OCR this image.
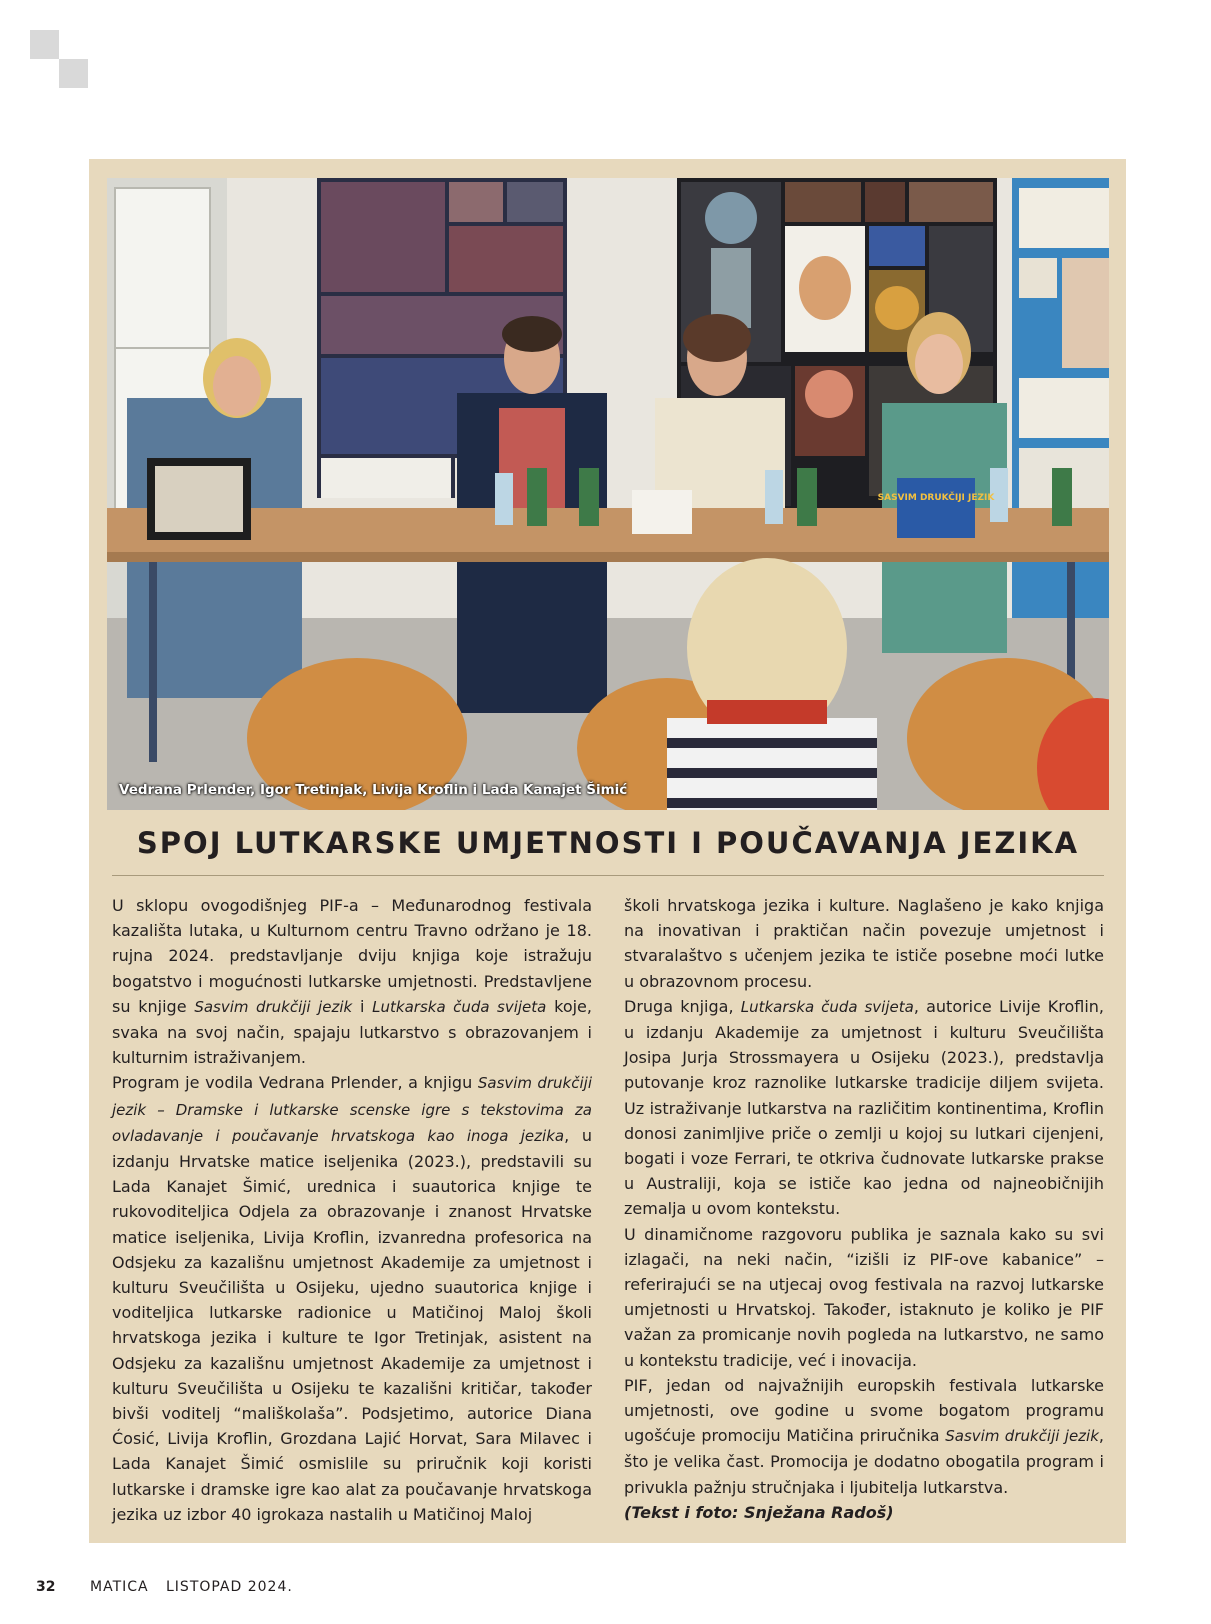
SASVIM DRUKČIJI JEZIK
Vedrana Prlender, Igor Tretinjak, Livija Kroflin i Lada Kanajet Šimić
SPOJ LUTKARSKE UMJETNOSTI I POUČAVANJA JEZIKA

U sklopu ovogodišnjeg PIF-a – Međunarodnog festivala kazališta lutaka, u Kulturnom centru Travno održano je 18. rujna 2024. predstavljanje dviju knjiga koje istražuju bogatstvo i mogućnosti lutkarske umjetnosti. Predstavljene su knjige Sasvim drukčiji jezik i Lutkarska čuda svijeta koje, svaka na svoj način, spajaju lutkarstvo s obrazovanjem i kulturnim istraživanjem.

Program je vodila Vedrana Prlender, a knjigu Sasvim drukčiji jezik – Dramske i lutkarske scenske igre s tekstovima za ovladavanje i poučavanje hrvatskoga kao inoga jezika, u izdanju Hrvatske matice iseljenika (2023.), predstavili su Lada Kanajet Šimić, urednica i suautorica knjige te rukovoditeljica Odjela za obrazovanje i znanost Hrvatske matice iseljenika, Livija Kroflin, izvanredna profesorica na Odsjeku za kazališnu umjetnost Akademije za umjetnost i kulturu Sveučilišta u Osijeku, ujedno suautorica knjige i voditeljica lutkarske radionice u Matičinoj Maloj školi hrvatskoga jezika i kulture te Igor Tretinjak, asistent na Odsjeku za kazališnu umjetnost Akademije za umjetnost i kulturu Sveučilišta u Osijeku te kazališni kritičar, također bivši voditelj “mališkolaša”. Podsjetimo, autorice Diana Ćosić, Livija Kroflin, Grozdana Lajić Horvat, Sara Milavec i Lada Kanajet Šimić osmislile su priručnik koji koristi lutkarske i dramske igre kao alat za poučavanje hrvatskoga jezika uz izbor 40 igrokaza nastalih u Matičinoj Maloj

školi hrvatskoga jezika i kulture. Naglašeno je kako knjiga na inovativan i praktičan način povezuje umjetnost i stvaralaštvo s učenjem jezika te ističe posebne moći lutke u obrazovnom procesu.

Druga knjiga, Lutkarska čuda svijeta, autorice Livije Kroflin, u izdanju Akademije za umjetnost i kulturu Sveučilišta Josipa Jurja Strossmayera u Osijeku (2023.), predstavlja putovanje kroz raznolike lutkarske tradicije diljem svijeta. Uz istraživanje lutkarstva na različitim kontinentima, Kroflin donosi zanimljive priče o zemlji u kojoj su lutkari cijenjeni, bogati i voze Ferrari, te otkriva čudnovate lutkarske prakse u Australiji, koja se ističe kao jedna od najneobičnijih zemalja u ovom kontekstu.

U dinamičnome razgovoru publika je saznala kako su svi izlagači, na neki način, “izišli iz PIF-ove kabanice” – referirajući se na utjecaj ovog festivala na razvoj lutkarske umjetnosti u Hrvatskoj. Također, istaknuto je koliko je PIF važan za promicanje novih pogleda na lutkarstvo, ne samo u kontekstu tradicije, već i inovacija.

PIF, jedan od najvažnijih europskih festivala lutkarske umjetnosti, ove godine u svome bogatom programu ugošćuje promociju Matičina priručnika Sasvim drukčiji jezik, što je velika čast. Promocija je dodatno obogatila program i privukla pažnju stručnjaka i ljubitelja lutkarstva.

(Tekst i foto: Snježana Radoš)

32 MATICA LISTOPAD 2024.
